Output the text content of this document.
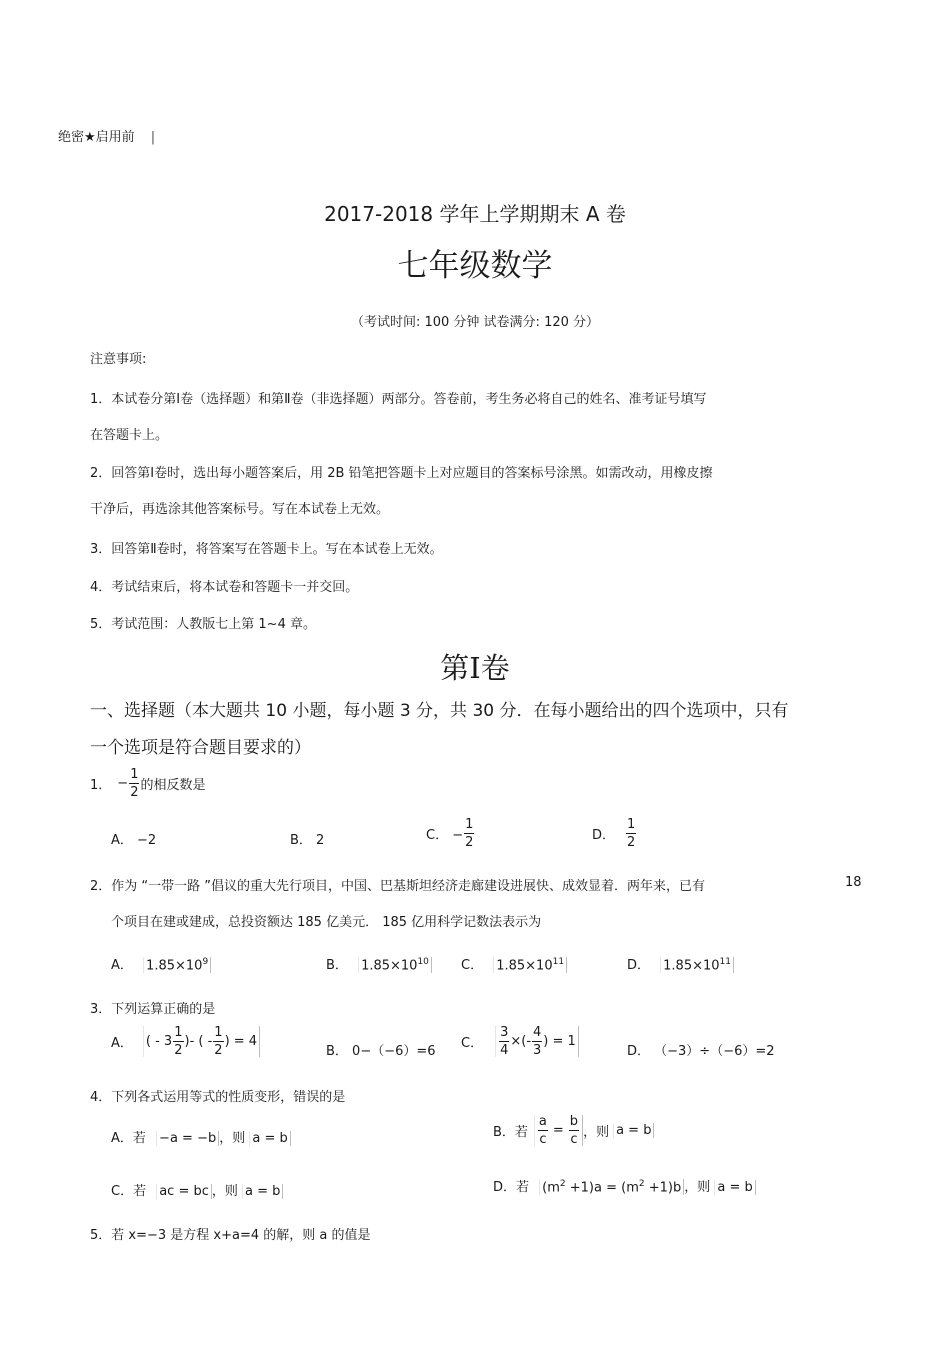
绝密★启用前 |
2017-2018 学年上学期期末 A 卷
七年级数学
（考试时间: 100 分钟 试卷满分: 120 分）
注意事项:
1．本试卷分第Ⅰ卷（选择题）和第Ⅱ卷（非选择题）两部分。答卷前，考生务必将自己的姓名、准考证号填写
在答题卡上。
2．回答第Ⅰ卷时，选出每小题答案后，用 2B 铅笔把答题卡上对应题目的答案标号涂黑。如需改动，用橡皮擦
干净后，再选涂其他答案标号。写在本试卷上无效。
3．回答第Ⅱ卷时，将答案写在答题卡上。写在本试卷上无效。
4．考试结束后，将本试卷和答题卡一并交回。
5．考试范围：人教版七上第 1~4 章。
第Ⅰ卷
一、选择题（本大题共 10 小题，每小题 3 分，共 30 分．在每小题给出的四个选项中，只有
一个选项是符合题目要求的）
1． − $\frac{1}{2}$ 的相反数是
A． −2	B． 2	C． − $\frac{1}{2}$	D． $\frac{1}{2}$
2．作为 “一带一路 ”倡议的重大先行项目，中国、巴基斯坦经济走廊建设进展快、成效显着．两年来，已有	18
个项目在建或建成，总投资额达 185 亿美元． 185 亿用科学记数法表示为
A． $1.85\times 10^9$	B． $1.85\times 10^{10}$ C． $1.85\times 10^{11}$	D． $1.85\times 10^{11}$
3．下列运算正确的是
A． ( - $3 \frac{1}{2}$ )- ( - $\frac{1}{2}$ ) = 4
B． 0−（−6）=6
C． $\frac{3}{4}$ ×(- $\frac{4}{3}$ ) = 1
D． （−3）÷（−6）=2
4．下列各式运用等式的性质变形，错误的是
A．若 −a = −b ，则 a = b	B．若 $\frac{a}{c} = \frac{b}{c}$ ，则 a = b
C．若 ac = bc ，则 a = b	D．若 $(m^2 +1)a = (m^2 +1)b$ ，则 a = b
5．若 x=−3 是方程 x+a=4 的解，则 a 的值是
